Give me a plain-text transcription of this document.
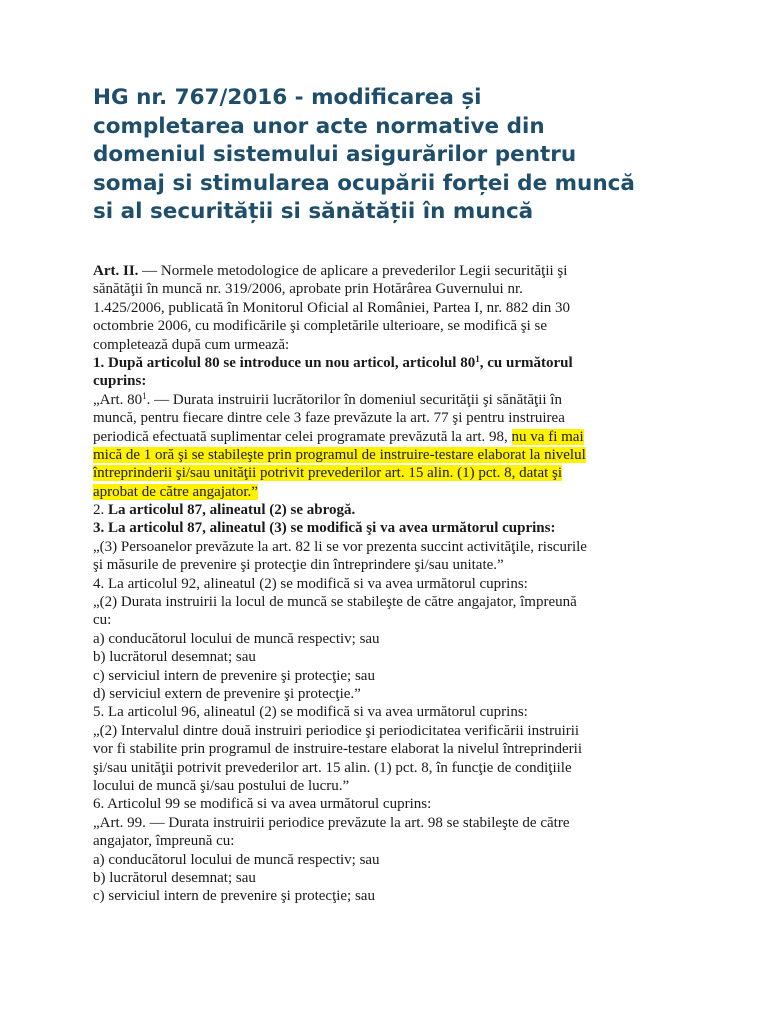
HG nr. 767/2016 - modificarea și
completarea unor acte normative din
domeniul sistemului asigurărilor pentru
somaj si stimularea ocupării forței de muncă
si al securității si sănătății în muncă
Art. II. — Normele metodologice de aplicare a prevederilor Legii securităţii şi
sănătăţii în muncă nr. 319/2006, aprobate prin Hotărârea Guvernului nr.
1.425/2006, publicată în Monitorul Oficial al României, Partea I, nr. 882 din 30
octombrie 2006, cu modificările şi completările ulterioare, se modifică şi se
completează după cum urmează:
1. După articolul 80 se introduce un nou articol, articolul $80^1$, cu următorul
cuprins:
„Art. $80^1$. — Durata instruirii lucrătorilor în domeniul securităţii şi sănătăţii în
muncă, pentru fiecare dintre cele 3 faze prevăzute la art. 77 şi pentru instruirea
periodică efectuată suplimentar celei programate prevăzută la art. 98, nu va fi mai
mică de 1 oră şi se stabileşte prin programul de instruire-testare elaborat la nivelul
întreprinderii şi/sau unităţii potrivit prevederilor art. 15 alin. (1) pct. 8, datat şi
aprobat de către angajator.”
2. La articolul 87, alineatul (2) se abrogă.
3. La articolul 87, alineatul (3) se modifică şi va avea următorul cuprins:
„(3) Persoanelor prevăzute la art. 82 li se vor prezenta succint activităţile, riscurile
şi măsurile de prevenire şi protecţie din întreprindere şi/sau unitate.”
4. La articolul 92, alineatul (2) se modifică si va avea următorul cuprins:
„(2) Durata instruirii la locul de muncă se stabileşte de către angajator, împreună
cu:
a) conducătorul locului de muncă respectiv; sau
b) lucrătorul desemnat; sau
c) serviciul intern de prevenire şi protecţie; sau
d) serviciul extern de prevenire şi protecţie.”
5. La articolul 96, alineatul (2) se modifică si va avea următorul cuprins:
„(2) Intervalul dintre două instruiri periodice şi periodicitatea verificării instruirii
vor fi stabilite prin programul de instruire-testare elaborat la nivelul întreprinderii
şi/sau unităţii potrivit prevederilor art. 15 alin. (1) pct. 8, în funcţie de condiţiile
locului de muncă şi/sau postului de lucru.”
6. Articolul 99 se modifică si va avea următorul cuprins:
„Art. 99. — Durata instruirii periodice prevăzute la art. 98 se stabileşte de către
angajator, împreună cu:
a) conducătorul locului de muncă respectiv; sau
b) lucrătorul desemnat; sau
c) serviciul intern de prevenire şi protecţie; sau
